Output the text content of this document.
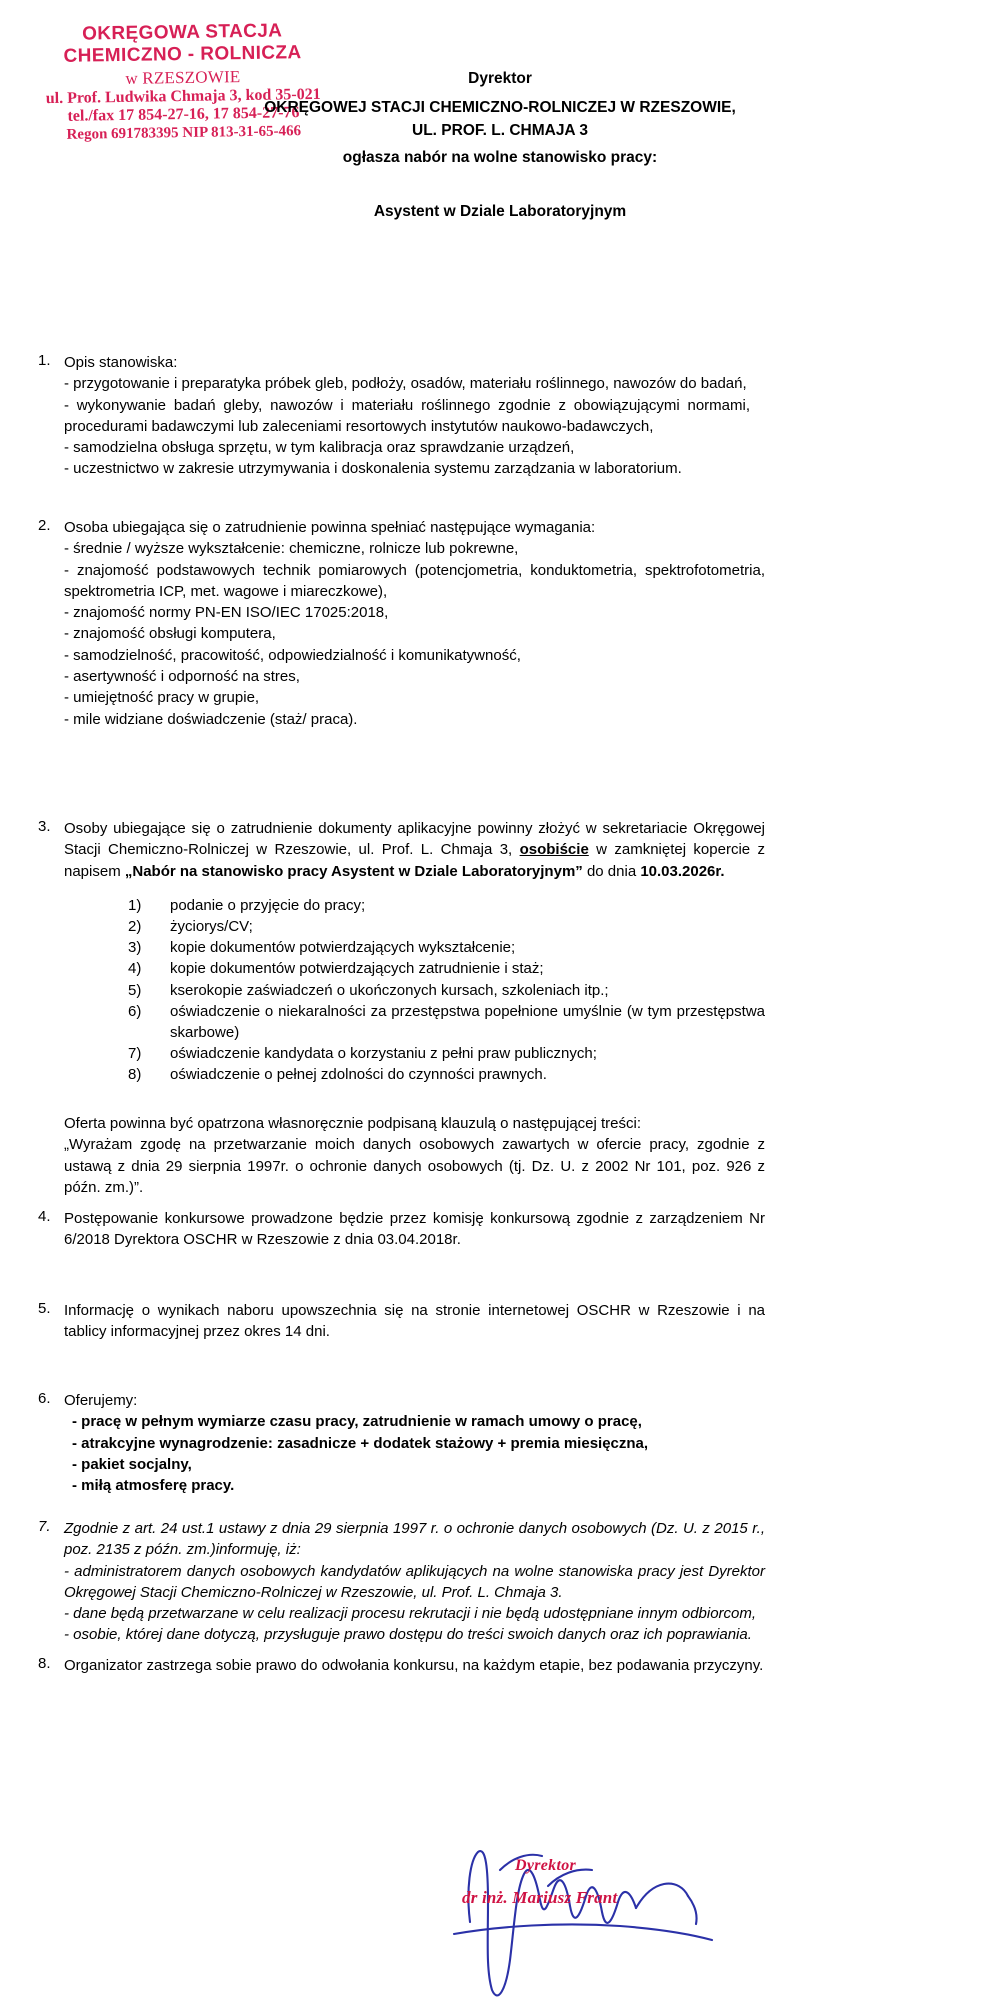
OKRĘGOWA STACJA
CHEMICZNO - ROLNICZA
w RZESZOWIE
ul. Prof. Ludwika Chmaja 3, kod 35-021
tel./fax 17 854-27-16, 17 854-27-76
Regon 691783395 NIP 813-31-65-466
Dyrektor
OKRĘGOWEJ STACJI CHEMICZNO-ROLNICZEJ W RZESZOWIE,
UL. PROF. L. CHMAJA 3
ogłasza nabór na wolne stanowisko pracy:
Asystent w Dziale Laboratoryjnym
1. Opis stanowiska:
- przygotowanie i preparatyka próbek gleb, podłoży, osadów, materiału roślinnego, nawozów do badań,
- wykonywanie badań gleby, nawozów i materiału roślinnego zgodnie z obowiązującymi normami, procedurami badawczymi lub zaleceniami resortowych instytutów naukowo-badawczych,
- samodzielna obsługa sprzętu, w tym kalibracja oraz sprawdzanie urządzeń,
- uczestnictwo w zakresie utrzymywania i doskonalenia systemu zarządzania w laboratorium.
2. Osoba ubiegająca się o zatrudnienie powinna spełniać następujące wymagania:
- średnie / wyższe wykształcenie: chemiczne, rolnicze lub pokrewne,
- znajomość podstawowych technik pomiarowych (potencjometria, konduktometria, spektrofotometria, spektrometria ICP, met. wagowe i miareczkowe),
- znajomość normy PN-EN ISO/IEC 17025:2018,
- znajomość obsługi komputera,
- samodzielność, pracowitość, odpowiedzialność i komunikatywność,
- asertywność i odporność na stres,
- umiejętność pracy w grupie,
- mile widziane doświadczenie (staż/ praca).
3. Osoby ubiegające się o zatrudnienie dokumenty aplikacyjne powinny złożyć w sekretariacie Okręgowej Stacji Chemiczno-Rolniczej w Rzeszowie, ul. Prof. L. Chmaja 3, osobiście w zamkniętej kopercie z napisem „Nabór na stanowisko pracy Asystent w Dziale Laboratoryjnym” do dnia 10.03.2026r.
1) podanie o przyjęcie do pracy;
2) życiorys/CV;
3) kopie dokumentów potwierdzających wykształcenie;
4) kopie dokumentów potwierdzających zatrudnienie i staż;
5) kserokopie zaświadczeń o ukończonych kursach, szkoleniach itp.;
6) oświadczenie o niekaralności za przestępstwa popełnione umyślnie (w tym przestępstwa skarbowe)
7) oświadczenie kandydata o korzystaniu z pełni praw publicznych;
8) oświadczenie o pełnej zdolności do czynności prawnych.
Oferta powinna być opatrzona własnoręcznie podpisaną klauzulą o następującej treści:
„Wyrażam zgodę na przetwarzanie moich danych osobowych zawartych w ofercie pracy, zgodnie z ustawą z dnia 29 sierpnia 1997r. o ochronie danych osobowych (tj. Dz. U. z 2002 Nr 101, poz. 926 z późn. zm.)”.
4. Postępowanie konkursowe prowadzone będzie przez komisję konkursową zgodnie z zarządzeniem Nr 6/2018 Dyrektora OSCHR w Rzeszowie z dnia 03.04.2018r.
5. Informację o wynikach naboru upowszechnia się na stronie internetowej OSCHR w Rzeszowie i na tablicy informacyjnej przez okres 14 dni.
6. Oferujemy:
- pracę w pełnym wymiarze czasu pracy, zatrudnienie w ramach umowy o pracę,
- atrakcyjne wynagrodzenie: zasadnicze + dodatek stażowy + premia miesięczna,
- pakiet socjalny,
- miłą atmosferę pracy.
7. Zgodnie z art. 24 ust.1 ustawy z dnia 29 sierpnia 1997 r. o ochronie danych osobowych (Dz. U. z 2015 r., poz. 2135 z późn. zm.)informuję, iż:
- administratorem danych osobowych kandydatów aplikujących na wolne stanowiska pracy jest Dyrektor Okręgowej Stacji Chemiczno-Rolniczej w Rzeszowie, ul. Prof. L. Chmaja 3.
- dane będą przetwarzane w celu realizacji procesu rekrutacji i nie będą udostępniane innym odbiorcom,
- osobie, której dane dotyczą, przysługuje prawo dostępu do treści swoich danych oraz ich poprawiania.
8. Organizator zastrzega sobie prawo do odwołania konkursu, na każdym etapie, bez podawania przyczyny.
Dyrektor
dr inż. Mariusz Frant
